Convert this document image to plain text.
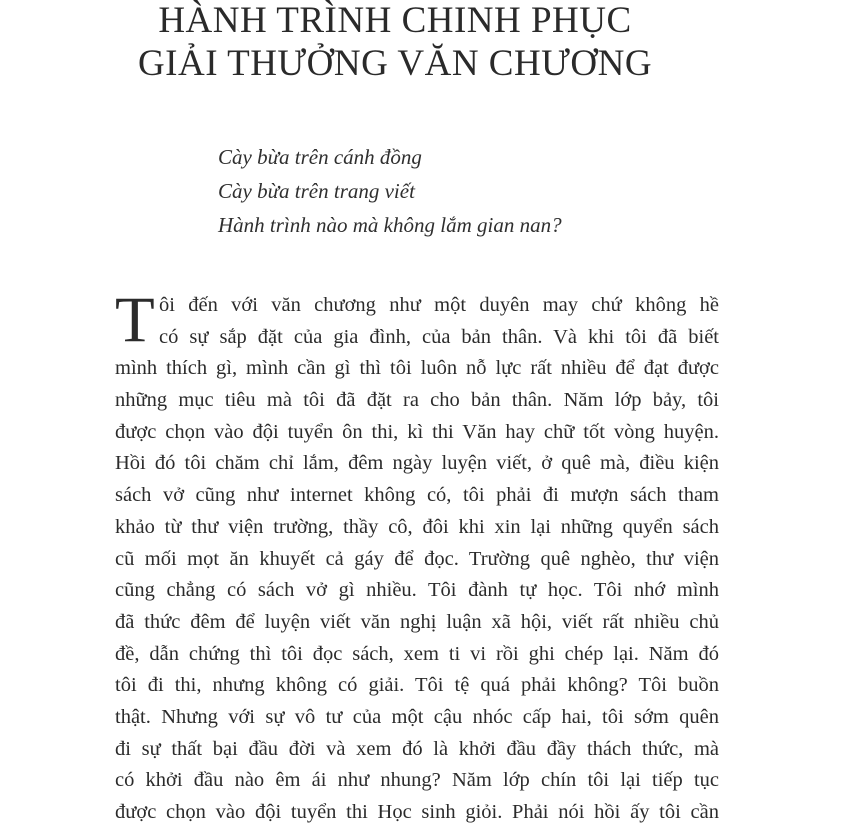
HÀNH TRÌNH CHINH PHỤC
GIẢI THƯỞNG VĂN CHƯƠNG
Cày bừa trên cánh đồng
Cày bừa trên trang viết
Hành trình nào mà không lắm gian nan?
T ôi đến với văn chương như một duyên may chứ không hề
có sự sắp đặt của gia đình, của bản thân. Và khi tôi đã biết
mình thích gì, mình cần gì thì tôi luôn nỗ lực rất nhiều để đạt được
những mục tiêu mà tôi đã đặt ra cho bản thân. Năm lớp bảy, tôi
được chọn vào đội tuyển ôn thi, kì thi Văn hay chữ tốt vòng huyện.
Hồi đó tôi chăm chỉ lắm, đêm ngày luyện viết, ở quê mà, điều kiện
sách vở cũng như internet không có, tôi phải đi mượn sách tham
khảo từ thư viện trường, thầy cô, đôi khi xin lại những quyển sách
cũ mối mọt ăn khuyết cả gáy để đọc. Trường quê nghèo, thư viện
cũng chẳng có sách vở gì nhiều. Tôi đành tự học. Tôi nhớ mình
đã thức đêm để luyện viết văn nghị luận xã hội, viết rất nhiều chủ
đề, dẫn chứng thì tôi đọc sách, xem ti vi rồi ghi chép lại. Năm đó
tôi đi thi, nhưng không có giải. Tôi tệ quá phải không? Tôi buồn
thật. Nhưng với sự vô tư của một cậu nhóc cấp hai, tôi sớm quên
đi sự thất bại đầu đời và xem đó là khởi đầu đầy thách thức, mà
có khởi đầu nào êm ái như nhung? Năm lớp chín tôi lại tiếp tục
được chọn vào đội tuyển thi Học sinh giỏi. Phải nói hồi ấy tôi cần
